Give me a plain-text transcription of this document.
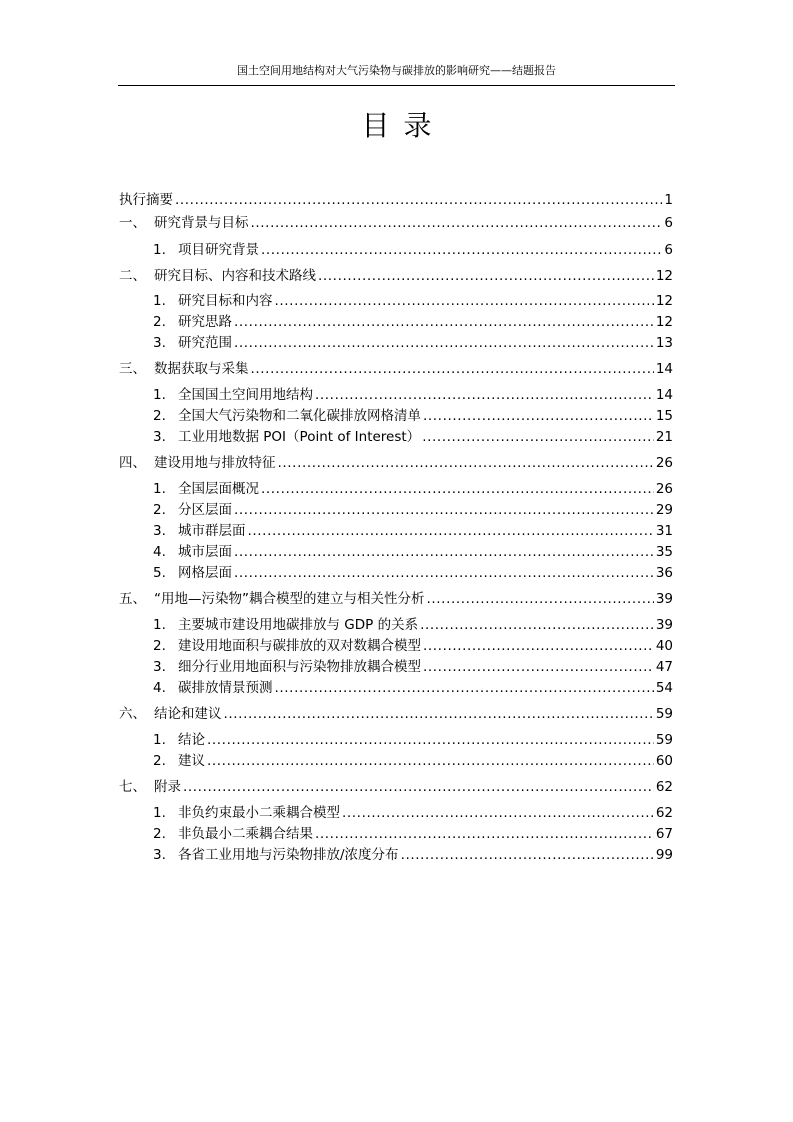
国土空间用地结构对大气污染物与碳排放的影响研究——结题报告
目录
执行摘要 .....	1
一、 研究背景与目标 .....	6
1. 项目研究背景 .....	6
二、 研究目标、内容和技术路线 .....	12
1. 研究目标和内容 .....	12
2. 研究思路 .....	12
3. 研究范围 .....	13
三、 数据获取与采集 .....	14
1. 全国国土空间用地结构 .....	14
2. 全国大气污染物和二氧化碳排放网格清单 .....	15
3. 工业用地数据 POI（Point of Interest） .....	21
四、 建设用地与排放特征 .....	26
1. 全国层面概况 .....	26
2. 分区层面 .....	29
3. 城市群层面 .....	31
4. 城市层面 .....	35
5. 网格层面 .....	36
五、 “用地—污染物”耦合模型的建立与相关性分析 .....	39
1. 主要城市建设用地碳排放与 GDP 的关系 .....	39
2. 建设用地面积与碳排放的双对数耦合模型 .....	40
3. 细分行业用地面积与污染物排放耦合模型 .....	47
4. 碳排放情景预测 .....	54
六、 结论和建议 .....	59
1. 结论 .....	59
2. 建议 .....	60
七、 附录 .....	62
1. 非负约束最小二乘耦合模型 .....	62
2. 非负最小二乘耦合结果 .....	67
3. 各省工业用地与污染物排放/浓度分布 .....	99
